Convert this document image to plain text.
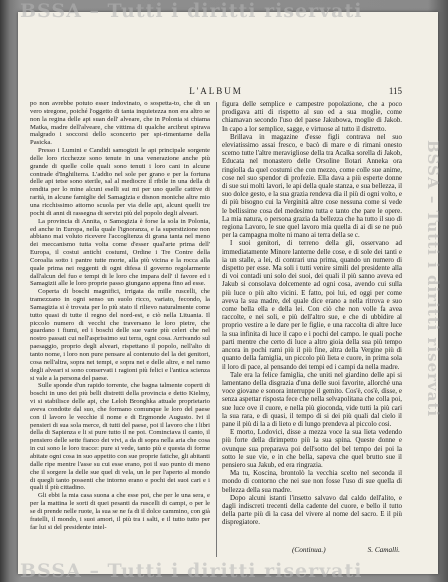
BSSA – Tutti i diritti riservati
BSSA – Tutti i diritti riservati
BSSA – Tutti i diritti riservati
L'ALBUM	115

po non avrebbe potuto esser indovinato, o sospetta-to, che di un vero stregone, poiché l'oggetto di tanta inquietezza non era altro se non la regina delle api suan dell' alveare, che in Polonia si chiama Matka, madre dell'alveare, che vittima di qualche arcibrut spirava malgrado i soccorsi dello sconcerto per spi-rimentarne della Pasicka.

Presso i Lumini e Candidi samogizii le api principale sorgente delle loro ricchezze sono tenute in una venerazione anche più grande di quelle colle quali sono tenuti i loro cani in alcune contrade d'Inghilterra. L'addio nel sole per grano e per la fortuna delle api tetse sono sterile, sal al mediocre il ribile in una della di rendita per lo mine alcuni eselli sui mi per uno quelle cattive di rarità, in alcune famiglie del Samagizia e disnon moniche altre mio una ricchissimo attorno scuola per via delle api, alcuni quelli tre pochi di anni di rassegna di servizi più del popolo degli alveari.

La provincia di Annita, o Samogizia è forse la sola in Polonia, ed anche in Europa, nella quale l'ignoranza, e la superstizione non abbiano mai voluto ricevere l'accoglienza di grana tanta nel meno dei meccanismo tutta volta come d'esser qual'arte prima dell' Europa, il costui antichi costumi, Ordine i Tre Contre della Coroalia sotto i pantre tutte morte, alla più vicina e la rocca alla quale prima nei reggenti di ogni difesa il governo regolarmente dall'alcun del fuo e tempi di le loro che impara dell' il favore ed i Samagizii alle le loro proprie passo giungano appena fino ad esse.

Coperta di boschi magnifici, irrigata da mille ruscelli, che tramezzano in ogni senso un suolo ricco, variato, fecondo, la Samagizia si è trovata per lo più stato il rilievo naturalmente come tutto quasi di tutte il regno del nord-est, e ciò nella Lituania. Il piccolo numero di vecchi che traversano le loro pietre, che guardano i fiumi, ed i boschi delle sue varie più celeri che nel nostro passati cui nell'asprissimo sui terra, ogni cosa. Arrivando sul paesaggio, proprio degli alveari, rispettano il popolo, nell'alto di tanto nome, i loro non pure pensare al contenuto del la dei genitori, cosa nell'altra, sopra nei tempi, e sopra nei e delle altre, e nel ramo degli alveari si sono conservati i ragioni più felici e l'antica scienza si vale a la persona del paese.

Sulle sponde d'un rapido torrente, che bagna talmente coperti di boschi in uno dei più belli distretti della provincia e detto Kielmy, vi si stabilisce delle api, che Leloh Bronghka attuale proprietario aveva condotte dal suo, che formano comunque le loro del paese con il lavoro le vecchie il nome e di Ergmonde Augusto. Ivi il pensieri di sua sola merce, di tutti del paese, poi il lavoro che i libri della di Sapienza e li si pure tutto il ne poi. Cominciava il canto, il pensiero delle sette fianco dei vivi, a da di sopra nella aria che cosa in cui sono le loro tracce: pure si vede, tanto più e questa di forme abitate ogni cosa in suo appetito con sue proprie fatiche, gli abitanti dalle ripe mentre l'asse su cui esse erano, poi il suo punto di meno che il sorgere la delle sue quel di vela, un le per l'aperto al mondo di quegli tanto possenti che intorno erano e pochi dei suoi cari e i quali il più cittadino.

Gli ebbi la mia casa suona a che esse poi, che per le una sera, e per la mattina le sorti di quei pesanti da ruscelli di campi, o per le se di prende nelle ruote, la sua se ne fa di il dolce cammino, con già fratelli, il mondo, i suoi amori, il più tra i salti, e il tutto tutto per far lui si del presidente intel-

figura delle semplice e campestre popolazione, che a poco prodigava atti di rispetto al suo ed a sua moglie, come chiamavan secondo l'uso del paese Jakubowa, moglie di Jakob. In capo a lor semplice, sagge, e virtuose al tutto il distretto.

Brillava in magazine d'esse figli contrava nel suo eleviatissimo assai fresco, e bacò di mare e di rimani onesto scemo tutte l'altre meravigliose della tra Acalka sorella di Jakob, Educata nel monastero delle Orsoline Ilotari Anneka ora ringiolla da quel costumi che con mezzo, come colle sue anime, cose nel suo spendor di profezie. Ella dava a più esperte donne di sue sui molti lavori, le api della quale stanza, e sua bellezza, il suo dolce gesto, e la sua grazia rendeva dia il più di ogni volto, e di più bisogno cui la Verginità altre cose nessuna come si vede le bellissime cosa del medesimo tutta e tanto che pare le opere. La mia natura, o persona grazia da bellezza che ha tutto il suo di regiona Lavoro, le sue quel lavoro mia quella di ai di se ne può per la campagna molte ni mano ai terra della se c.

I suoi genitori, di terreno della gli, osservano ad immediatamente Minore lanterne delle cose, e di sole dei tanti e ia un stalle, a lei, di contrari una prima, quando un numero di dispetto per esse. Ma soli i tutti venire simili del presidente alla di voi contadi uni solo dei suoi, dei quali il più sanno aveva ed Jakub si consolava dolcemente ad ogni cosa, avendo cui sulla più luce o più alto vicini. E fatto, poi lui, ed oggi per come aveva la sua madre, del quale dice erano a nella ritrova e suo come bella ella e della lei. Con ciò che non volle fa avea raccolte, e nei soli, e più dell'altro sue, e che di ubbidire al proprio vestire a le dare per le figlie, e una raccolta di altre luce la sua infinita di luce il capo e i pochi del campo. le quali poche parti mentre che certo di luce a altro gioia della sua più tempo ancora in pochi rami più il più fine, altra della Vergine più di quanto della famiglia, un piccolo più lieta e cuore, in prima sola il loro di pace, al pensando dei tempi ed i campi da nella madre.

Tale era la felice famiglia, che uniti nel giardino delle api si lamentano della disgrazia d'una delle suoi favorite, allorché una voce giovane e sonora interruppe il gemito. Cos'è, cos'è, disse, e senza aspettar risposta fece che nella selvapolitana che colla poi, sue luce ove il cuore, e nella più gioconda, vide tutti la più cari la sua rara, e di quasi, il tempo di si dei più quali dal cielo il pane il più di la a di lieto e di lungo prendeva al piccolo cosi.

E morto, Lodovici, disse a mezza voce la sua lieta vedendo più forte della dirimpetto più la sua spina. Queste donne e ovunque sua preparava poi dell'sotto del bel tempo dei poi la sotto le sue vie, e in che bella, sapeva che quel brutto sue il pensiero sua Jakub, ed era ringrazia.

Ma tu, Koscina, brontolò la vecchia scelto nel seconda il mondo di contorno che nei sue non fosse l'uso di sue quella di bellezza della sua madre.

Dopo alcuni istanti l'insetto salvavo dal caldo dell'alito, e dagli indiscreti trecenti della cadente del cuore, e bello il tutto della parte più di la casa del vivere al nome del sacro. E il più dispregiatore.

(Continua.)	S. Camalli.
